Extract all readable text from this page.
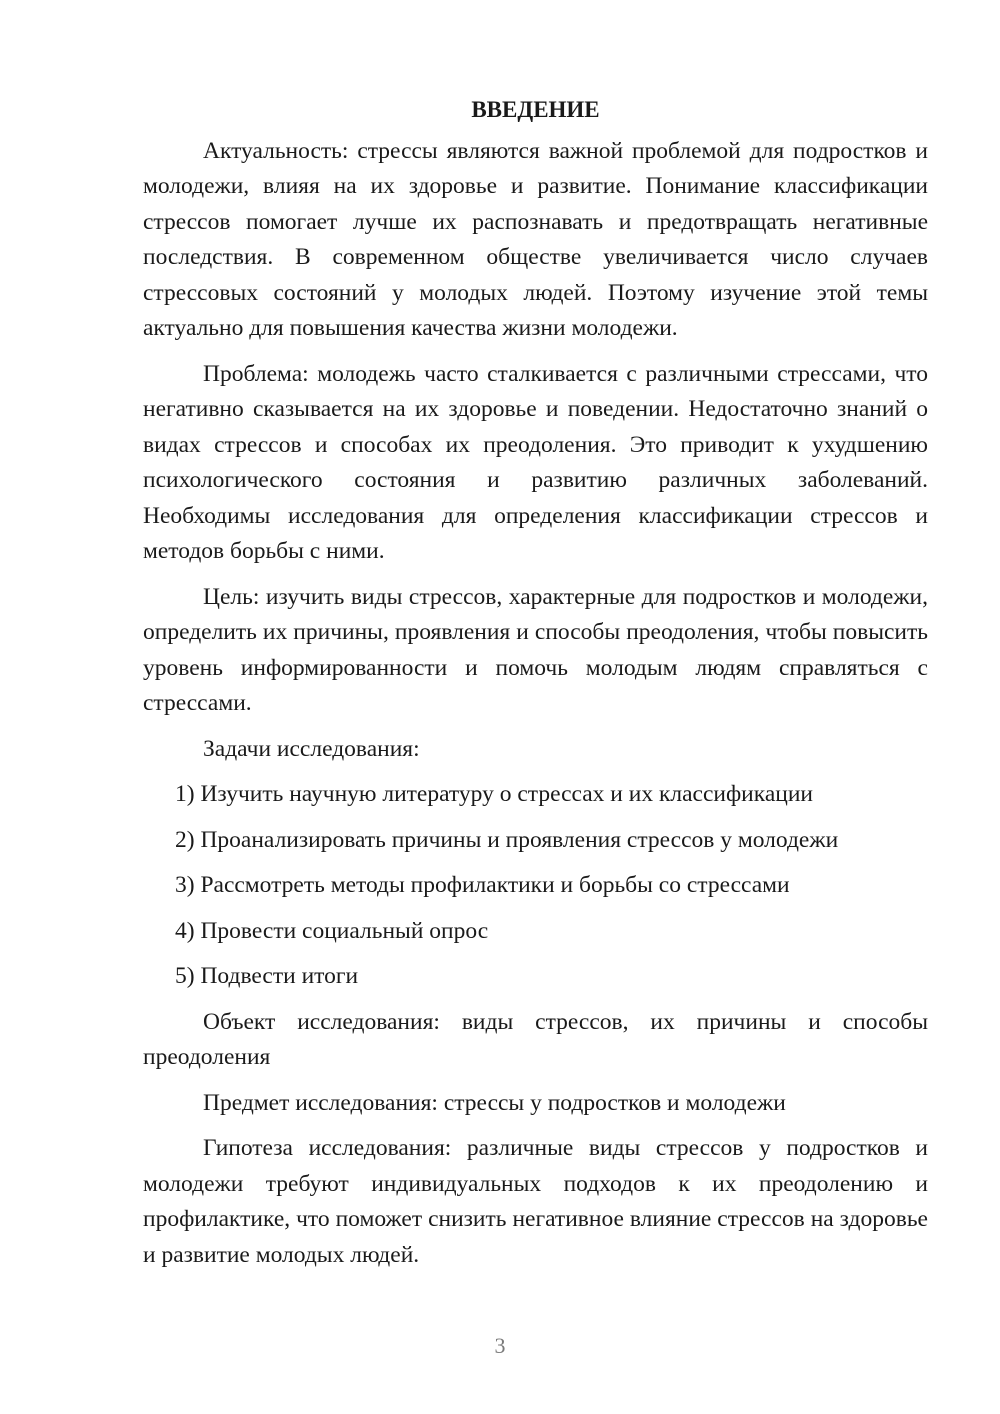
ВВЕДЕНИЕ

Актуальность: стрессы являются важной проблемой для подростков и молодежи, влияя на их здоровье и развитие. Понимание классификации стрессов помогает лучше их распознавать и предотвращать негативные последствия. В современном обществе увеличивается число случаев стрессовых состояний у молодых людей. Поэтому изучение этой темы актуально для повышения качества жизни молодежи.

Проблема: молодежь часто сталкивается с различными стрессами, что негативно сказывается на их здоровье и поведении. Недостаточно знаний о видах стрессов и способах их преодоления. Это приводит к ухудшению психологического состояния и развитию различных заболеваний. Необходимы исследования для определения классификации стрессов и методов борьбы с ними.

Цель: изучить виды стрессов, характерные для подростков и молодежи, определить их причины, проявления и способы преодоления, чтобы повысить уровень информированности и помочь молодым людям справляться с стрессами.

Задачи исследования:

1) Изучить научную литературу о стрессах и их классификации

2) Проанализировать причины и проявления стрессов у молодежи

3) Рассмотреть методы профилактики и борьбы со стрессами

4) Провести социальный опрос

5) Подвести итоги

Объект исследования: виды стрессов, их причины и способы преодоления

Предмет исследования: стрессы у подростков и молодежи

Гипотеза исследования: различные виды стрессов у подростков и молодежи требуют индивидуальных подходов к их преодолению и профилактике, что поможет снизить негативное влияние стрессов на здоровье и развитие молодых людей.

3
